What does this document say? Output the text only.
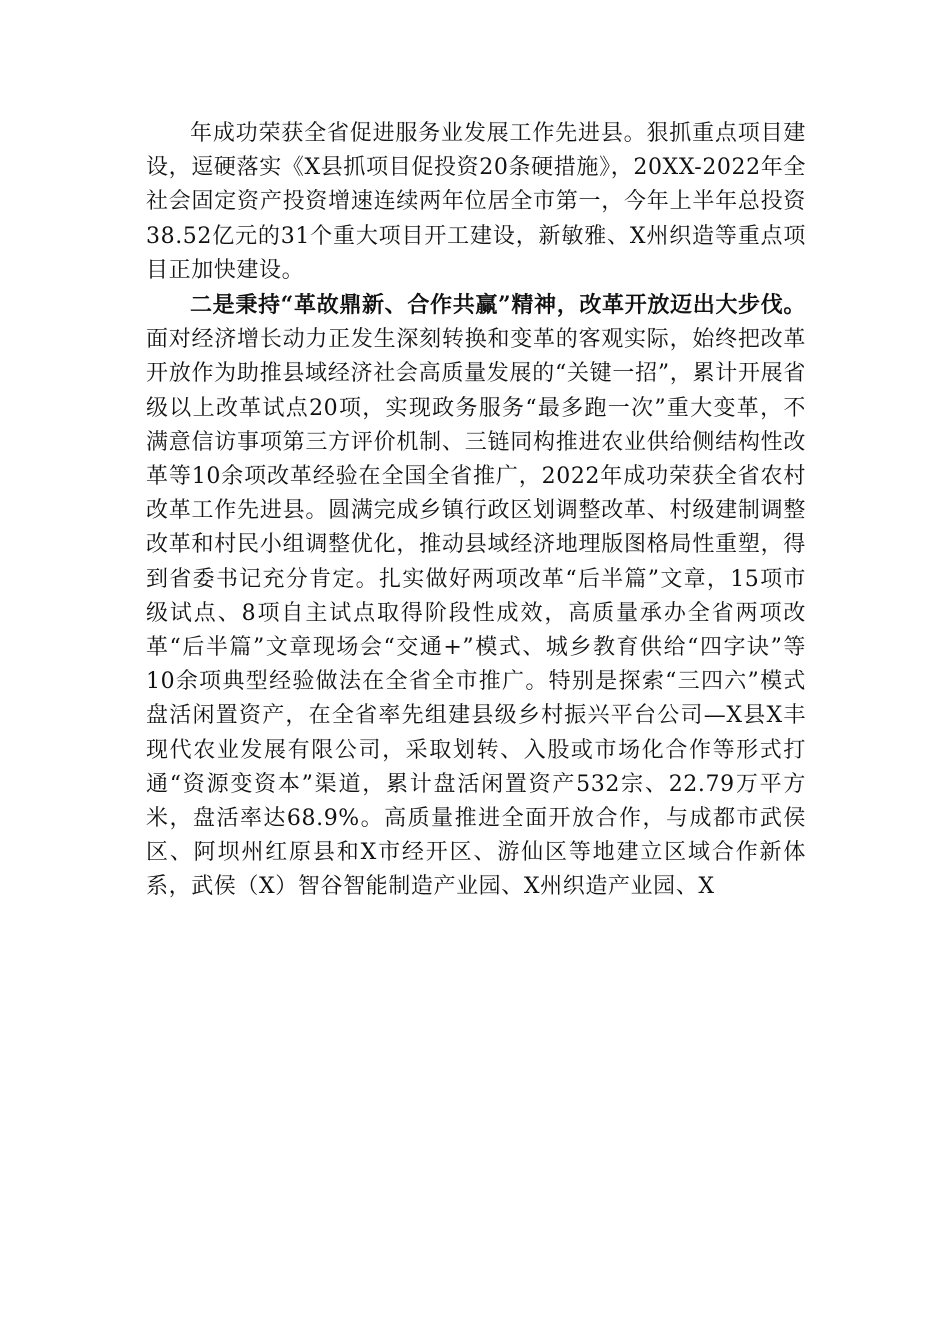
年成功荣获全省促进服务业发展工作先进县。狠抓重点项目建设，逗硬落实《X县抓项目促投资20条硬措施》，20XX-2022年全社会固定资产投资增速连续两年位居全市第一，今年上半年总投资38.52亿元的31个重大项目开工建设，新敏雅、X州织造等重点项目正加快建设。

二是秉持“革故鼎新、合作共赢”精神，改革开放迈出大步伐。面对经济增长动力正发生深刻转换和变革的客观实际，始终把改革开放作为助推县域经济社会高质量发展的“关键一招”，累计开展省级以上改革试点20项，实现政务服务“最多跑一次”重大变革，不满意信访事项第三方评价机制、三链同构推进农业供给侧结构性改革等10余项改革经验在全国全省推广，2022年成功荣获全省农村改革工作先进县。圆满完成乡镇行政区划调整改革、村级建制调整改革和村民小组调整优化，推动县域经济地理版图格局性重塑，得到省委书记充分肯定。扎实做好两项改革“后半篇”文章，15项市级试点、8项自主试点取得阶段性成效，高质量承办全省两项改革“后半篇”文章现场会“交通+”模式、城乡教育供给“四字诀”等10余项典型经验做法在全省全市推广。特别是探索“三四六”模式盘活闲置资产，在全省率先组建县级乡村振兴平台公司—X县X丰现代农业发展有限公司，采取划转、入股或市场化合作等形式打通“资源变资本”渠道，累计盘活闲置资产532宗、22.79万平方米，盘活率达68.9%。高质量推进全面开放合作，与成都市武侯区、阿坝州红原县和X市经开区、游仙区等地建立区域合作新体系，武侯（X）智谷智能制造产业园、X州织造产业园、X
